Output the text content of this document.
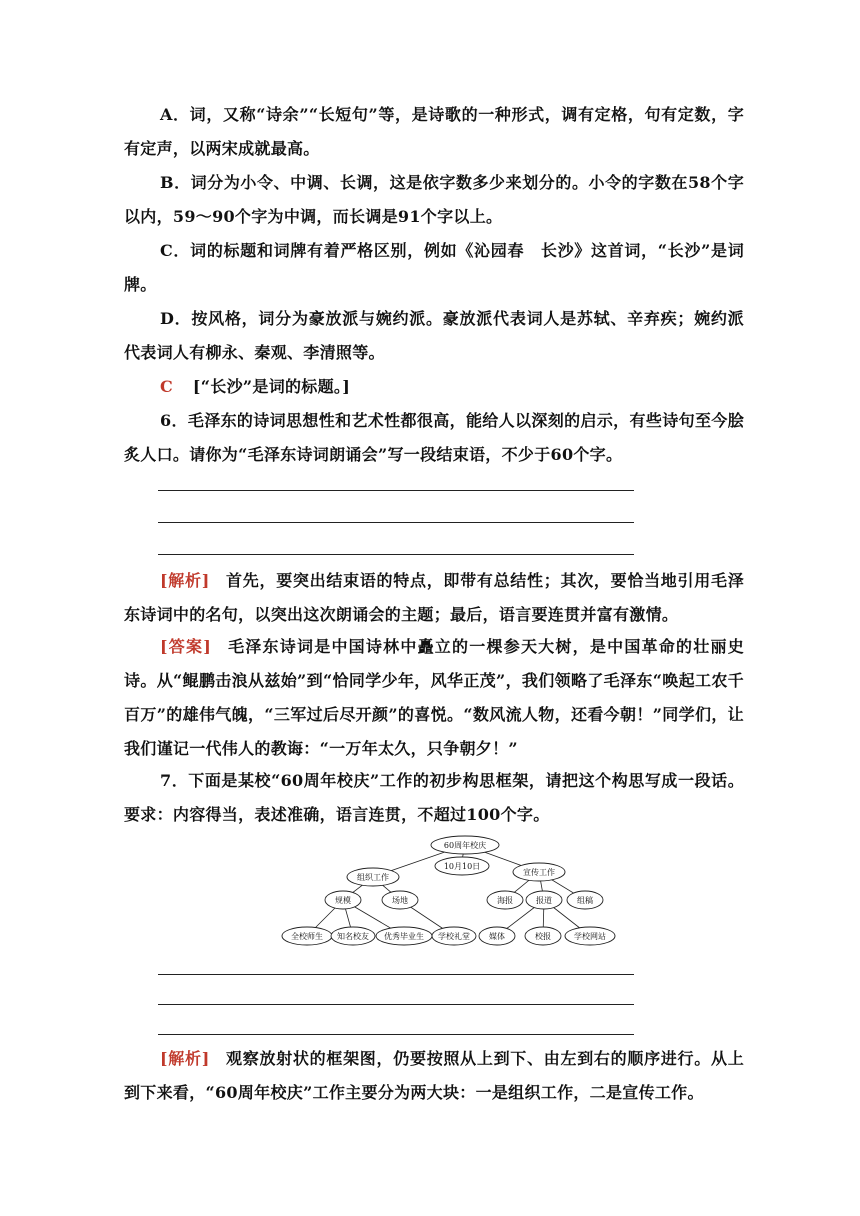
A．词，又称“诗余”“长短句”等，是诗歌的一种形式，调有定格，句有定数，字有定声，以两宋成就最高。

B．词分为小令、中调、长调，这是依字数多少来划分的。小令的字数在58个字以内，59～90个字为中调，而长调是91个字以上。

C．词的标题和词牌有着严格区别，例如《沁园春　长沙》这首词，“长沙”是词牌。

D．按风格，词分为豪放派与婉约派。豪放派代表词人是苏轼、辛弃疾；婉约派代表词人有柳永、秦观、李清照等。

C [“长沙”是词的标题。]

6．毛泽东的诗词思想性和艺术性都很高，能给人以深刻的启示，有些诗句至今脍炙人口。请你为“毛泽东诗词朗诵会”写一段结束语，不少于60个字。

[解析] 首先，要突出结束语的特点，即带有总结性；其次，要恰当地引用毛泽东诗词中的名句，以突出这次朗诵会的主题；最后，语言要连贯并富有激情。

[答案] 毛泽东诗词是中国诗林中矗立的一棵参天大树，是中国革命的壮丽史诗。从“鲲鹏击浪从兹始”到“恰同学少年，风华正茂”，我们领略了毛泽东“唤起工农千百万”的雄伟气魄，“三军过后尽开颜”的喜悦。“数风流人物，还看今朝！”同学们，让我们谨记一代伟人的教诲：“一万年太久，只争朝夕！”

7．下面是某校“60周年校庆”工作的初步构思框架，请把这个构思写成一段话。要求：内容得当，表述准确，语言连贯，不超过100个字。

60周年校庆
10月10日
组织工作
宣传工作
规模	场地	海报	报道	组稿
全校师生 知名校友 优秀毕业生 学校礼堂 媒体	校报	学校网站

[解析] 观察放射状的框架图，仍要按照从上到下、由左到右的顺序进行。从上到下来看，“60周年校庆”工作主要分为两大块：一是组织工作，二是宣传工作。
